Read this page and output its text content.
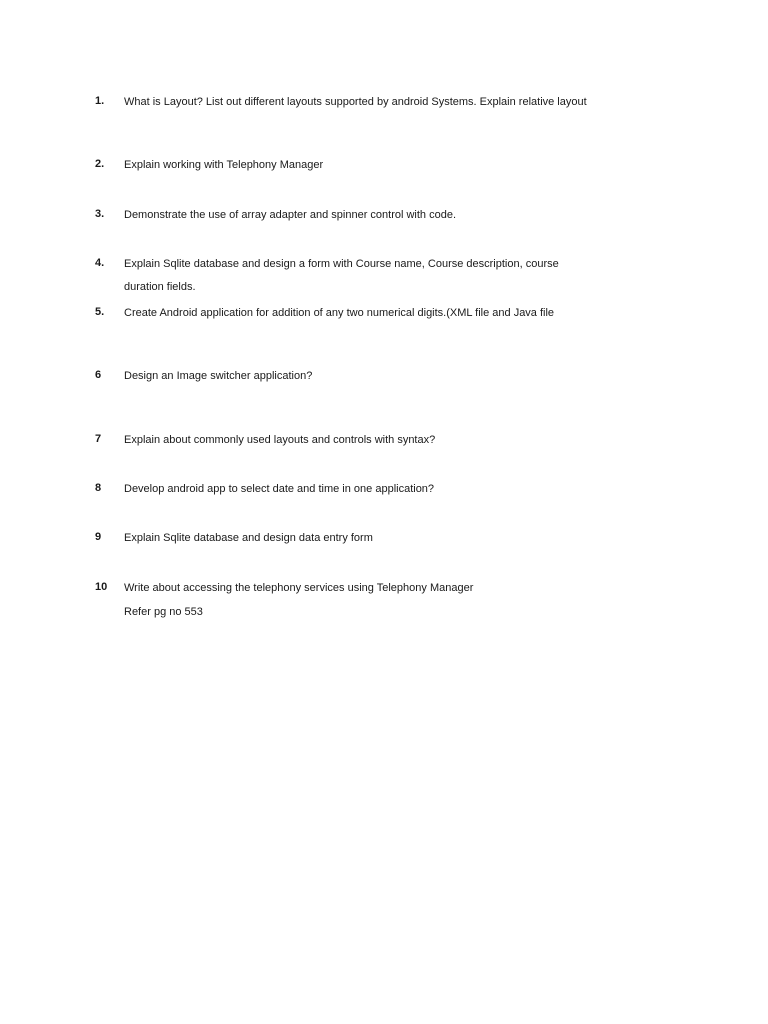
1. What is Layout? List out different layouts supported by android Systems. Explain relative layout
2. Explain working with Telephony Manager
3. Demonstrate the use of array adapter and spinner control with code.
4. Explain Sqlite database and design a form with Course name, Course description, course
duration fields.
5. Create Android application for addition of any two numerical digits.(XML file and Java file
6 Design an Image switcher application?
7 Explain about commonly used layouts and controls with syntax?
8 Develop android app to select date and time in one application?
9 Explain Sqlite database and design data entry form
10 Write about accessing the telephony services using Telephony Manager
Refer pg no 553
